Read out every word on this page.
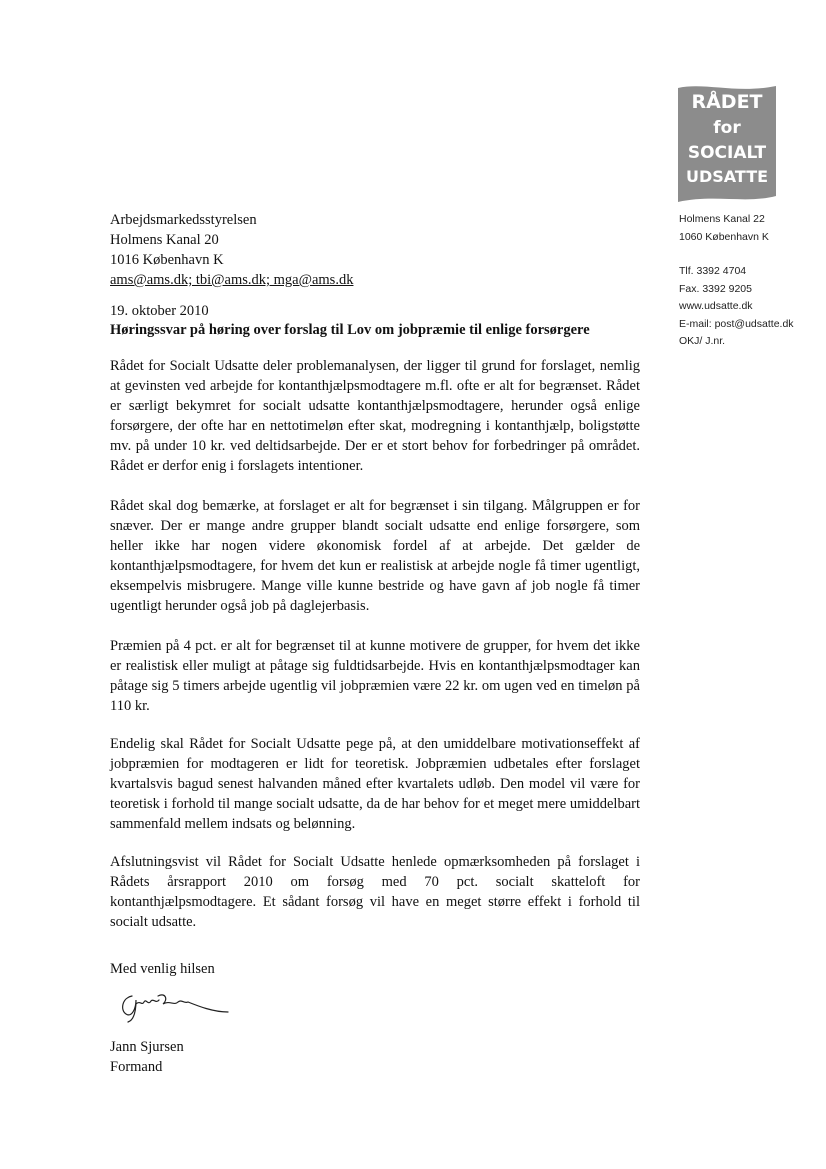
RÅDET
for
SOCIALT
UDSATTE
Holmens Kanal 22
1060 København K
Tlf. 3392 4704
Fax. 3392 9205
www.udsatte.dk
E-mail: post@udsatte.dk
OKJ/ J.nr.
Arbejdsmarkedsstyrelsen
Holmens Kanal 20
1016 København K
ams@ams.dk; tbi@ams.dk; mga@ams.dk
19. oktober 2010
Høringssvar på høring over forslag til Lov om jobpræmie til enlige forsørgere

Rådet for Socialt Udsatte deler problemanalysen, der ligger til grund for forslaget, nemlig at gevinsten ved arbejde for kontanthjælpsmodtagere m.fl. ofte er alt for begrænset. Rådet er særligt bekymret for socialt udsatte kontanthjælpsmodtagere, herunder også enlige forsørgere, der ofte har en nettotimeløn efter skat, modregning i kontanthjælp, boligstøtte mv. på under 10 kr. ved deltidsarbejde. Der er et stort behov for forbedringer på området. Rådet er derfor enig i forslagets intentioner.

Rådet skal dog bemærke, at forslaget er alt for begrænset i sin tilgang. Målgruppen er for snæver. Der er mange andre grupper blandt socialt udsatte end enlige forsørgere, som heller ikke har nogen videre økonomisk fordel af at arbejde. Det gælder de kontanthjælpsmodtagere, for hvem det kun er realistisk at arbejde nogle få timer ugentligt, eksempelvis misbrugere. Mange ville kunne bestride og have gavn af job nogle få timer ugentligt herunder også job på daglejerbasis.

Præmien på 4 pct. er alt for begrænset til at kunne motivere de grupper, for hvem det ikke er realistisk eller muligt at påtage sig fuldtidsarbejde. Hvis en kontanthjælpsmodtager kan påtage sig 5 timers arbejde ugentlig vil jobpræmien være 22 kr. om ugen ved en timeløn på 110 kr.

Endelig skal Rådet for Socialt Udsatte pege på, at den umiddelbare motivationseffekt af jobpræmien for modtageren er lidt for teoretisk. Jobpræmien udbetales efter forslaget kvartalsvis bagud senest halvanden måned efter kvartalets udløb. Den model vil være for teoretisk i forhold til mange socialt udsatte, da de har behov for et meget mere umiddelbart sammenfald mellem indsats og belønning.

Afslutningsvist vil Rådet for Socialt Udsatte henlede opmærksomheden på forslaget i Rådets årsrapport 2010 om forsøg med 70 pct. socialt skatteloft for kontanthjælpsmodtagere. Et sådant forsøg vil have en meget større effekt i forhold til socialt udsatte.

Med venlig hilsen
Jann Sjursen
Formand
